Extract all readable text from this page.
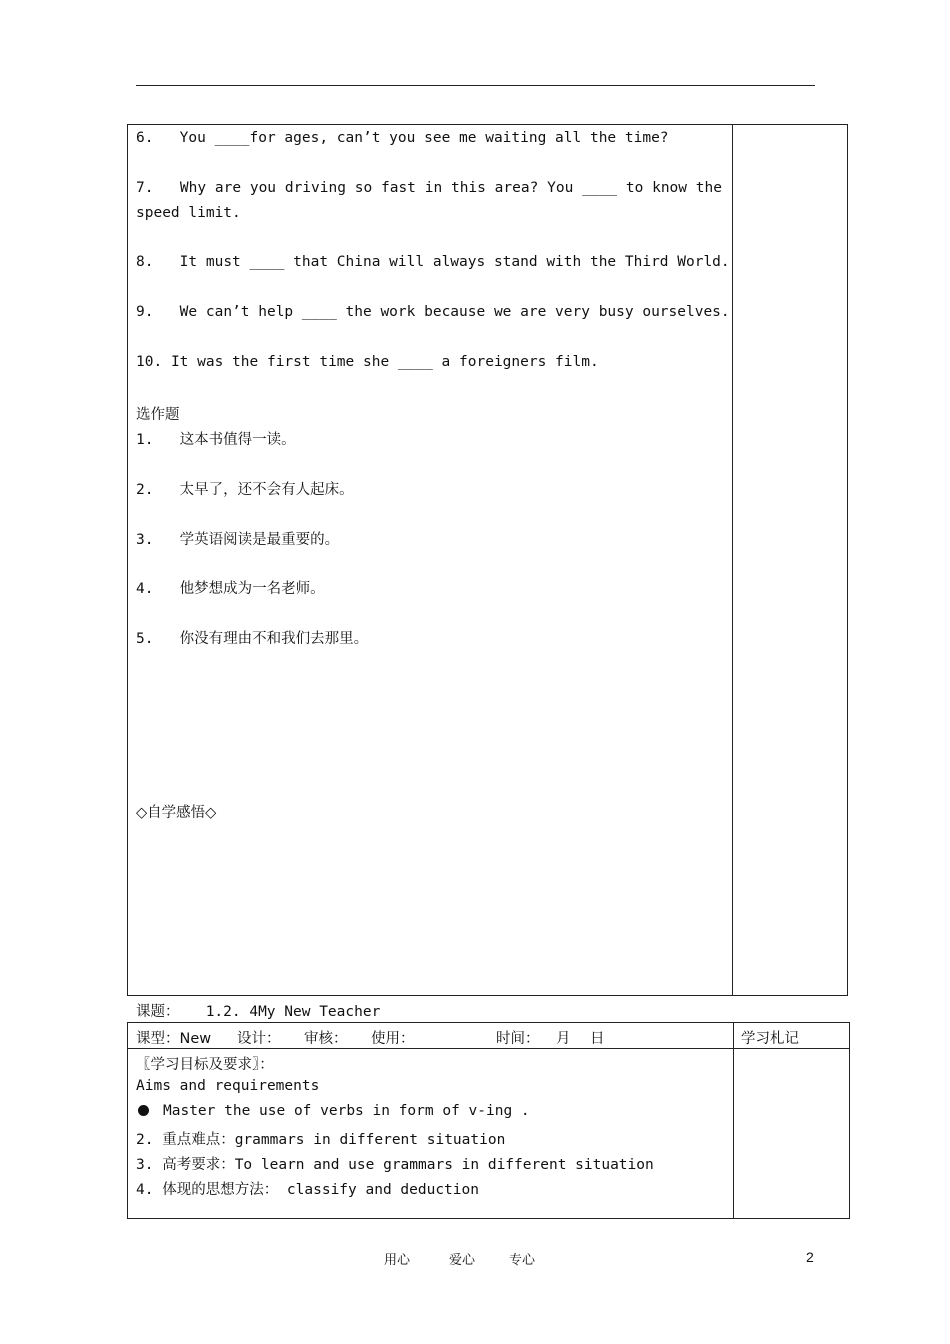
6. You ____for ages, can’t you see me waiting all the time?
7. Why are you driving so fast in this area? You ____ to know the
speed limit.
8. It must ____ that China will always stand with the Third World.
9. We can’t help ____ the work because we are very busy ourselves.
10. It was the first time she ____ a foreigners film.
选作题
1. 这本书值得一读。
2. 太早了，还不会有人起床。
3. 学英语阅读是最重要的。
4. 他梦想成为一名老师。
5. 你没有理由不和我们去那里。
◇自学感悟◇
课题： 1.2. 4My New Teacher
课型：New 设计： 审核： 使用：	时间： 月 日	学习札记
〖学习目标及要求〗：
Aims and requirements
Master the use of verbs in form of v-ing .
2. 重点难点：grammars in different situation
3. 高考要求：To learn and use grammars in different situation
4. 体现的思想方法： classify and deduction
用心	爱心	专心	2
